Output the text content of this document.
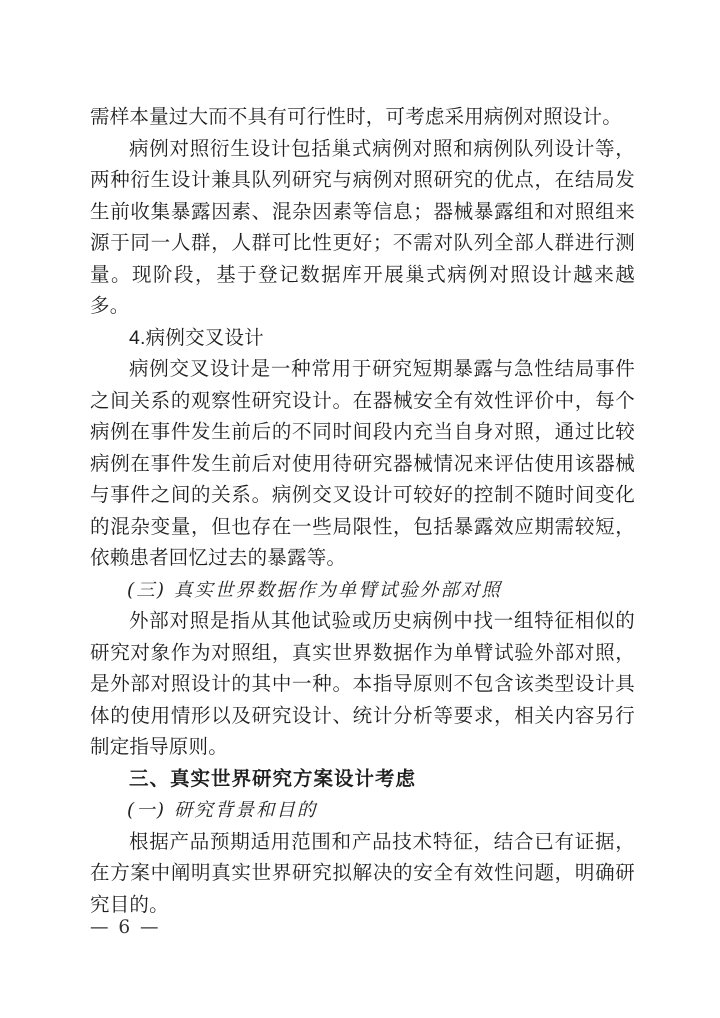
需样本量过大而不具有可行性时，可考虑采用病例对照设计。

病例对照衍生设计包括巢式病例对照和病例队列设计等，两种衍生设计兼具队列研究与病例对照研究的优点，在结局发生前收集暴露因素、混杂因素等信息；器械暴露组和对照组来源于同一人群，人群可比性更好；不需对队列全部人群进行测量。现阶段，基于登记数据库开展巢式病例对照设计越来越多。

4.病例交叉设计

病例交叉设计是一种常用于研究短期暴露与急性结局事件之间关系的观察性研究设计。在器械安全有效性评价中，每个病例在事件发生前后的不同时间段内充当自身对照，通过比较病例在事件发生前后对使用待研究器械情况来评估使用该器械与事件之间的关系。病例交叉设计可较好的控制不随时间变化的混杂变量，但也存在一些局限性，包括暴露效应期需较短，依赖患者回忆过去的暴露等。

(三) 真实世界数据作为单臂试验外部对照

外部对照是指从其他试验或历史病例中找一组特征相似的研究对象作为对照组，真实世界数据作为单臂试验外部对照，是外部对照设计的其中一种。本指导原则不包含该类型设计具体的使用情形以及研究设计、统计分析等要求，相关内容另行制定指导原则。

三、真实世界研究方案设计考虑

(一) 研究背景和目的

根据产品预期适用范围和产品技术特征，结合已有证据，在方案中阐明真实世界研究拟解决的安全有效性问题，明确研究目的。

— 6 —
